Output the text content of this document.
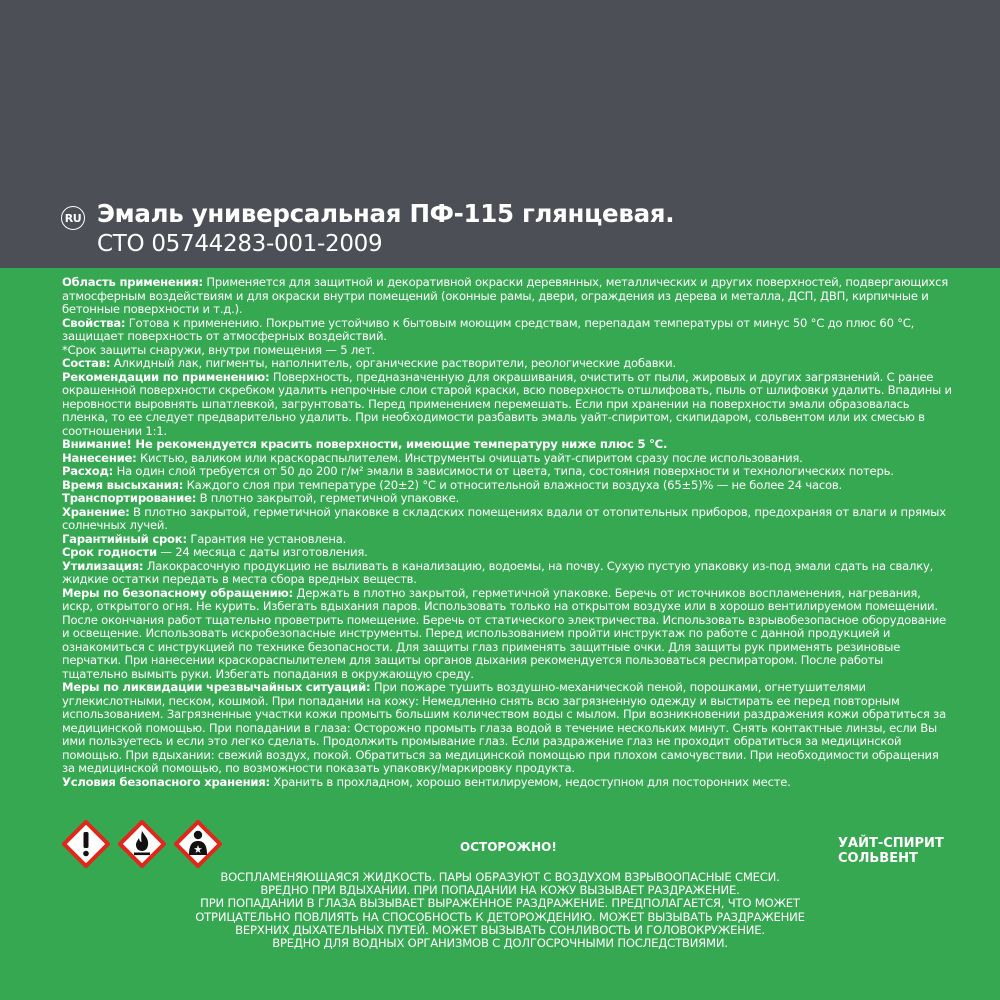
RU Эмаль универсальная ПФ-115 глянцевая.
СТО 05744283-001-2009

Область применения: Применяется для защитной и декоративной окраски деревянных, металлических и других поверхностей, подвергающихся атмосферным воздействиям и для окраски внутри помещений (оконные рамы, двери, ограждения из дерева и металла, ДСП, ДВП, кирпичные и бетонные поверхности и т.д.).

Свойства: Готова к применению. Покрытие устойчиво к бытовым моющим средствам, перепадам температуры от минус 50 °С до плюс 60 °С, защищает поверхность от атмосферных воздействий.

*Срок защиты снаружи, внутри помещения — 5 лет.

Состав: Алкидный лак, пигменты, наполнитель, органические растворители, реологические добавки.

Рекомендации по применению: Поверхность, предназначенную для окрашивания, очистить от пыли, жировых и других загрязнений. С ранее окрашенной поверхности скребком удалить непрочные слои старой краски, всю поверхность отшлифовать, пыль от шлифовки удалить. Впадины и неровности выровнять шпатлевкой, загрунтовать. Перед применением перемешать. Если при хранении на поверхности эмали образовалась пленка, то ее следует предварительно удалить. При необходимости разбавить эмаль уайт-спиритом, скипидаром, сольвентом или их смесью в соотношении 1:1.

Внимание! Не рекомендуется красить поверхности, имеющие температуру ниже плюс 5 °С.

Нанесение: Кистью, валиком или краскораспылителем. Инструменты очищать уайт-спиритом сразу после использования.

Расход: На один слой требуется от 50 до 200 г/м² эмали в зависимости от цвета, типа, состояния поверхности и технологических потерь.

Время высыхания: Каждого слоя при температуре (20±2) °С и относительной влажности воздуха (65±5)% — не более 24 часов.

Транспортирование: В плотно закрытой, герметичной упаковке.

Хранение: В плотно закрытой, герметичной упаковке в складских помещениях вдали от отопительных приборов, предохраняя от влаги и прямых солнечных лучей.

Гарантийный срок: Гарантия не установлена.

Срок годности — 24 месяца с даты изготовления.

Утилизация: Лакокрасочную продукцию не выливать в канализацию, водоемы, на почву. Сухую пустую упаковку из-под эмали сдать на свалку, жидкие остатки передать в места сбора вредных веществ.

Меры по безопасному обращению: Держать в плотно закрытой, герметичной упаковке. Беречь от источников воспламенения, нагревания, искр, открытого огня. Не курить. Избегать вдыхания паров. Использовать только на открытом воздухе или в хорошо вентилируемом помещении. После окончания работ тщательно проветрить помещение. Беречь от статического электричества. Использовать взрывобезопасное оборудование и освещение. Использовать искробезопасные инструменты. Перед использованием пройти инструктаж по работе с данной продукцией и ознакомиться с инструкцией по технике безопасности. Для защиты глаз применять защитные очки. Для защиты рук применять резиновые перчатки. При нанесении краскораспылителем для защиты органов дыхания рекомендуется пользоваться респиратором. После работы тщательно вымыть руки. Избегать попадания в окружающую среду.

Меры по ликвидации чрезвычайных ситуаций: При пожаре тушить воздушно-механической пеной, порошками, огнетушителями углекислотными, песком, кошмой. При попадании на кожу: Немедленно снять всю загрязненную одежду и выстирать ее перед повторным использованием. Загрязненные участки кожи промыть большим количеством воды с мылом. При возникновении раздражения кожи обратиться за медицинской помощью. При попадании в глаза: Осторожно промыть глаза водой в течение нескольких минут. Снять контактные линзы, если Вы ими пользуетесь и если это легко сделать. Продолжить промывание глаз. Если раздражение глаз не проходит обратиться за медицинской помощью. При вдыхании: свежий воздух, покой. Обратиться за медицинской помощью при плохом самочувствии. При необходимости обращения за медицинской помощью, по возможности показать упаковку/маркировку продукта.

Условия безопасного хранения: Хранить в прохладном, хорошо вентилируемом, недоступном для посторонних месте.

ОСТОРОЖНО!	УАЙТ-СПИРИТ
СОЛЬВЕНТ
ВОСПЛАМЕНЯЮЩАЯСЯ ЖИДКОСТЬ. ПАРЫ ОБРАЗУЮТ С ВОЗДУХОМ ВЗРЫВООПАСНЫЕ СМЕСИ.
ВРЕДНО ПРИ ВДЫХАНИИ. ПРИ ПОПАДАНИИ НА КОЖУ ВЫЗЫВАЕТ РАЗДРАЖЕНИЕ.
ПРИ ПОПАДАНИИ В ГЛАЗА ВЫЗЫВАЕТ ВЫРАЖЕННОЕ РАЗДРАЖЕНИЕ. ПРЕДПОЛАГАЕТСЯ, ЧТО МОЖЕТ
ОТРИЦАТЕЛЬНО ПОВЛИЯТЬ НА СПОСОБНОСТЬ К ДЕТОРОЖДЕНИЮ. МОЖЕТ ВЫЗЫВАТЬ РАЗДРАЖЕНИЕ
ВЕРХНИХ ДЫХАТЕЛЬНЫХ ПУТЕЙ. МОЖЕТ ВЫЗЫВАТЬ СОНЛИВОСТЬ И ГОЛОВОКРУЖЕНИЕ.
ВРЕДНО ДЛЯ ВОДНЫХ ОРГАНИЗМОВ С ДОЛГОСРОЧНЫМИ ПОСЛЕДСТВИЯМИ.
